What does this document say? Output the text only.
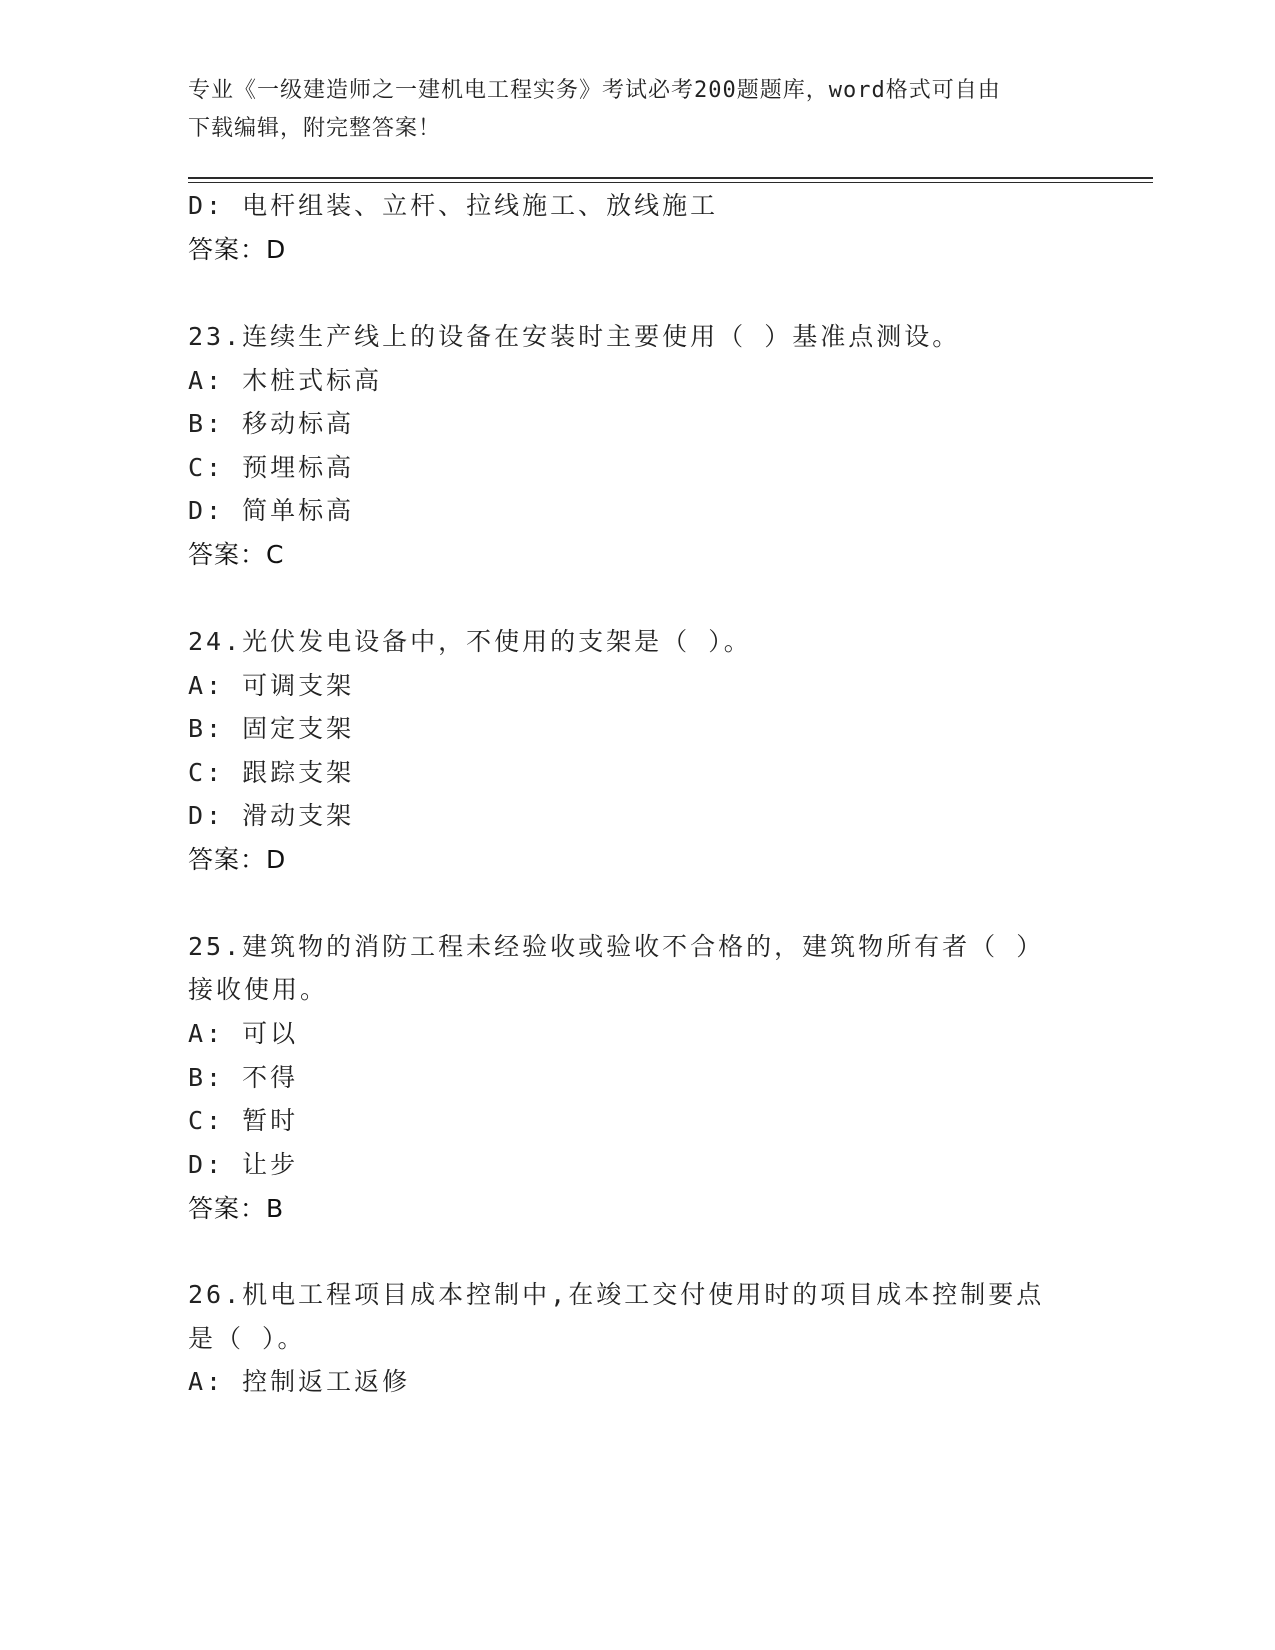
专业《一级建造师之一建机电工程实务》考试必考200题题库，word格式可自由
下载编辑，附完整答案！
D: 电杆组装、立杆、拉线施工、放线施工
答案：D
23.连续生产线上的设备在安装时主要使用（ ）基准点测设。
A: 木桩式标高
B: 移动标高
C: 预埋标高
D: 简单标高
答案：C
24.光伏发电设备中，不使用的支架是（ ）。
A: 可调支架
B: 固定支架
C: 跟踪支架
D: 滑动支架
答案：D
25.建筑物的消防工程未经验收或验收不合格的，建筑物所有者（ ）
接收使用。
A: 可以
B: 不得
C: 暂时
D: 让步
答案：B
26.机电工程项目成本控制中,在竣工交付使用时的项目成本控制要点
是（ ）。
A: 控制返工返修
